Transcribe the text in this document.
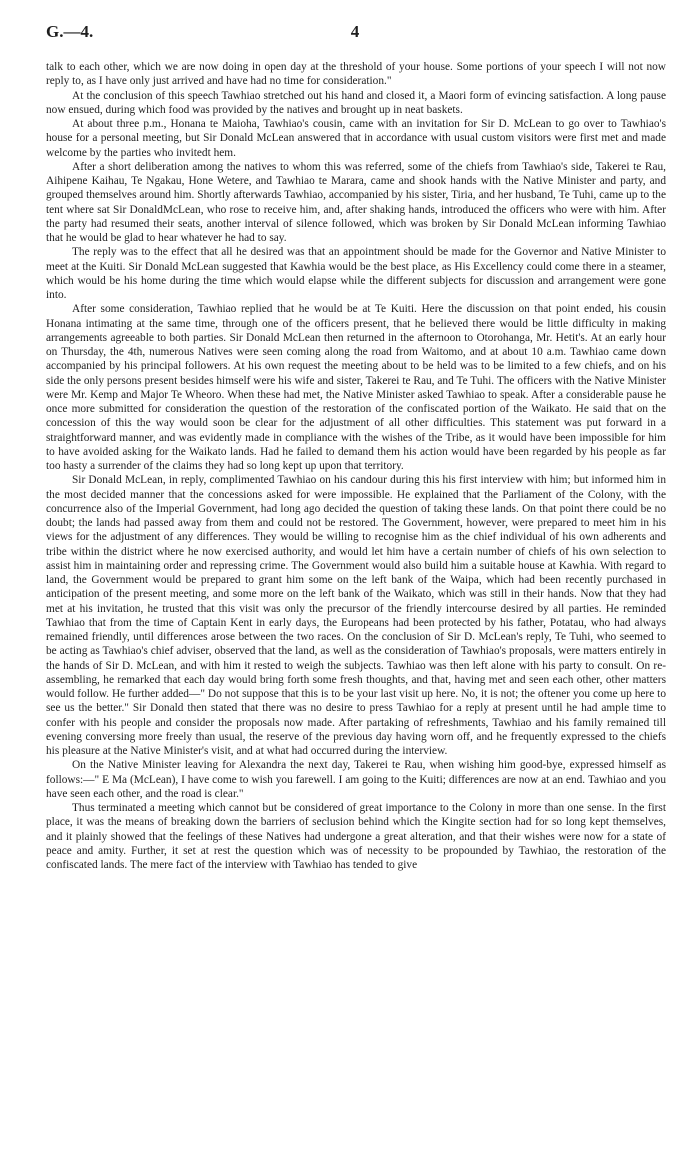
G.—4.	4

talk to each other, which we are now doing in open day at the threshold of your house. Some portions of your speech I will not now reply to, as I have only just arrived and have had no time for consideration."

At the conclusion of this speech Tawhiao stretched out his hand and closed it, a Maori form of evincing satisfaction. A long pause now ensued, during which food was provided by the natives and brought up in neat baskets.

At about three p.m., Honana te Maioha, Tawhiao's cousin, came with an invitation for Sir D. McLean to go over to Tawhiao's house for a personal meeting, but Sir Donald McLean answered that in accordance with usual custom visitors were first met and made welcome by the parties who invitedt hem.

After a short deliberation among the natives to whom this was referred, some of the chiefs from Tawhiao's side, Takerei te Rau, Aihipene Kaihau, Te Ngakau, Hone Wetere, and Tawhiao te Marara, came and shook hands with the Native Minister and party, and grouped themselves around him. Shortly afterwards Tawhiao, accompanied by his sister, Tiria, and her husband, Te Tuhi, came up to the tent where sat Sir DonaldMcLean, who rose to receive him, and, after shaking hands, introduced the officers who were with him. After the party had resumed their seats, another interval of silence followed, which was broken by Sir Donald McLean informing Tawhiao that he would be glad to hear whatever he had to say.

The reply was to the effect that all he desired was that an appointment should be made for the Governor and Native Minister to meet at the Kuiti. Sir Donald McLean suggested that Kawhia would be the best place, as His Excellency could come there in a steamer, which would be his home during the time which would elapse while the different subjects for discussion and arrangement were gone into.

After some consideration, Tawhiao replied that he would be at Te Kuiti. Here the discussion on that point ended, his cousin Honana intimating at the same time, through one of the officers present, that he believed there would be little difficulty in making arrangements agreeable to both parties. Sir Donald McLean then returned in the afternoon to Otorohanga, Mr. Hetit's. At an early hour on Thursday, the 4th, numerous Natives were seen coming along the road from Waitomo, and at about 10 a.m. Tawhiao came down accompanied by his principal followers. At his own request the meeting about to be held was to be limited to a few chiefs, and on his side the only persons present besides himself were his wife and sister, Takerei te Rau, and Te Tuhi. The officers with the Native Minister were Mr. Kemp and Major Te Wheoro. When these had met, the Native Minister asked Tawhiao to speak. After a considerable pause he once more submitted for consideration the question of the restoration of the confiscated portion of the Waikato. He said that on the concession of this the way would soon be clear for the adjustment of all other difficulties. This statement was put forward in a straightforward manner, and was evidently made in compliance with the wishes of the Tribe, as it would have been impossible for him to have avoided asking for the Waikato lands. Had he failed to demand them his action would have been regarded by his people as far too hasty a surrender of the claims they had so long kept up upon that territory.

Sir Donald McLean, in reply, complimented Tawhiao on his candour during this his first interview with him; but informed him in the most decided manner that the concessions asked for were impossible. He explained that the Parliament of the Colony, with the concurrence also of the Imperial Government, had long ago decided the question of taking these lands. On that point there could be no doubt; the lands had passed away from them and could not be restored. The Government, however, were prepared to meet him in his views for the adjustment of any differences. They would be willing to recognise him as the chief individual of his own adherents and tribe within the district where he now exercised authority, and would let him have a certain number of chiefs of his own selection to assist him in maintaining order and repressing crime. The Government would also build him a suitable house at Kawhia. With regard to land, the Government would be prepared to grant him some on the left bank of the Waipa, which had been recently purchased in anticipation of the present meeting, and some more on the left bank of the Waikato, which was still in their hands. Now that they had met at his invitation, he trusted that this visit was only the precursor of the friendly intercourse desired by all parties. He reminded Tawhiao that from the time of Captain Kent in early days, the Europeans had been protected by his father, Potatau, who had always remained friendly, until differences arose between the two races. On the conclusion of Sir D. McLean's reply, Te Tuhi, who seemed to be acting as Tawhiao's chief adviser, observed that the land, as well as the consideration of Tawhiao's proposals, were matters entirely in the hands of Sir D. McLean, and with him it rested to weigh the subjects. Tawhiao was then left alone with his party to consult. On re-assembling, he remarked that each day would bring forth some fresh thoughts, and that, having met and seen each other, other matters would follow. He further added—" Do not suppose that this is to be your last visit up here. No, it is not; the oftener you come up here to see us the better." Sir Donald then stated that there was no desire to press Tawhiao for a reply at present until he had ample time to confer with his people and consider the proposals now made. After partaking of refreshments, Tawhiao and his family remained till evening conversing more freely than usual, the reserve of the previous day having worn off, and he frequently expressed to the chiefs his pleasure at the Native Minister's visit, and at what had occurred during the interview.

On the Native Minister leaving for Alexandra the next day, Takerei te Rau, when wishing him good-bye, expressed himself as follows:—" E Ma (McLean), I have come to wish you farewell. I am going to the Kuiti; differences are now at an end. Tawhiao and you have seen each other, and the road is clear."

Thus terminated a meeting which cannot but be considered of great importance to the Colony in more than one sense. In the first place, it was the means of breaking down the barriers of seclusion behind which the Kingite section had for so long kept themselves, and it plainly showed that the feelings of these Natives had undergone a great alteration, and that their wishes were now for a state of peace and amity. Further, it set at rest the question which was of necessity to be propounded by Tawhiao, the restoration of the confiscated lands. The mere fact of the interview with Tawhiao has tended to give
